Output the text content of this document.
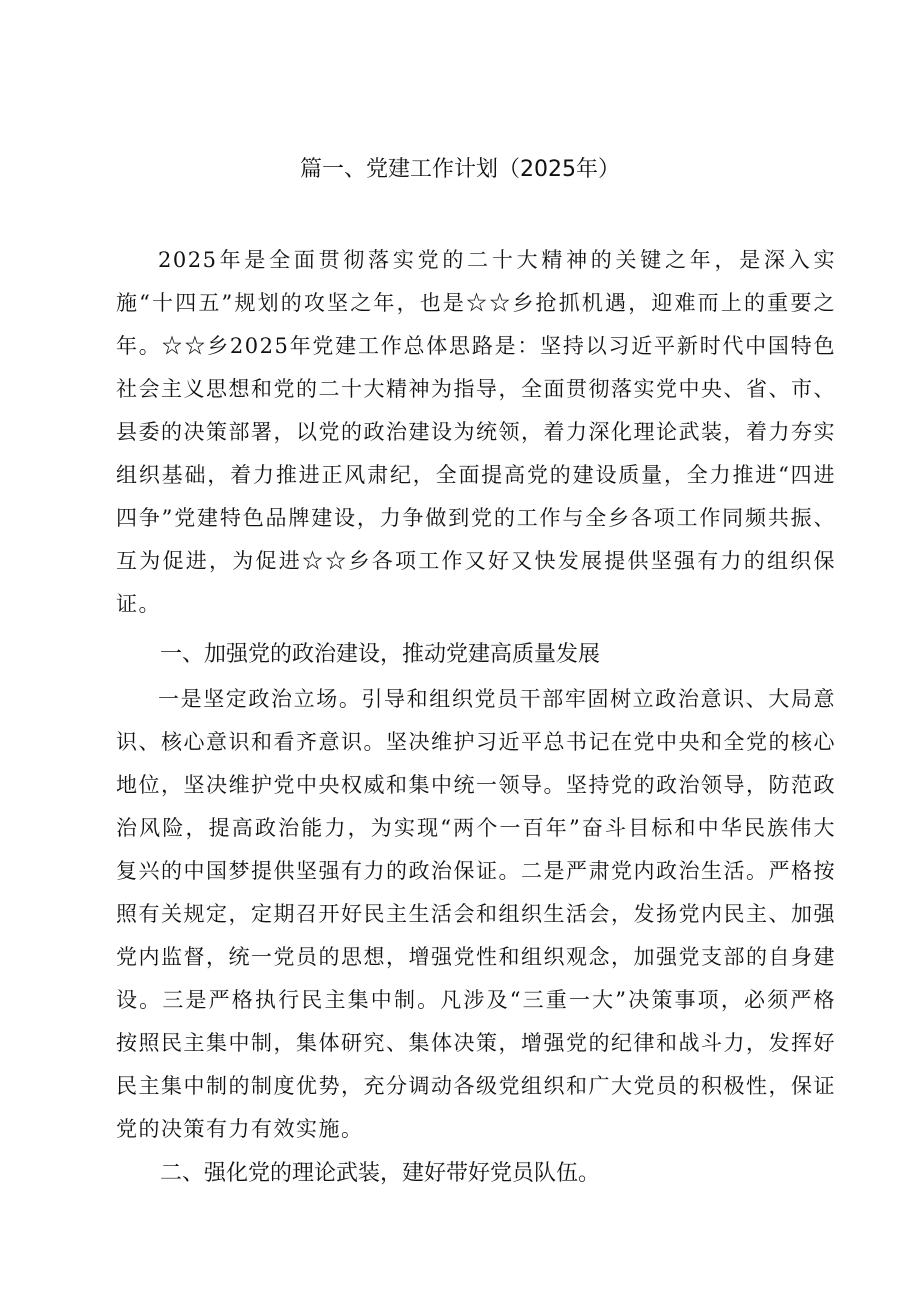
篇一、党建工作计划（2025年）
2025年是全面贯彻落实党的二十大精神的关键之年，是深入实施“十四五”规划的攻坚之年，也是☆☆乡抢抓机遇，迎难而上的重要之年。☆☆乡2025年党建工作总体思路是：坚持以习近平新时代中国特色社会主义思想和党的二十大精神为指导，全面贯彻落实党中央、省、市、县委的决策部署，以党的政治建设为统领，着力深化理论武装，着力夯实组织基础，着力推进正风肃纪，全面提高党的建设质量，全力推进“四进四争”党建特色品牌建设，力争做到党的工作与全乡各项工作同频共振、互为促进，为促进☆☆乡各项工作又好又快发展提供坚强有力的组织保证。
一、加强党的政治建设，推动党建高质量发展
一是坚定政治立场。引导和组织党员干部牢固树立政治意识、大局意识、核心意识和看齐意识。坚决维护习近平总书记在党中央和全党的核心地位，坚决维护党中央权威和集中统一领导。坚持党的政治领导，防范政治风险，提高政治能力，为实现“两个一百年”奋斗目标和中华民族伟大复兴的中国梦提供坚强有力的政治保证。二是严肃党内政治生活。严格按照有关规定，定期召开好民主生活会和组织生活会，发扬党内民主、加强党内监督，统一党员的思想，增强党性和组织观念，加强党支部的自身建设。三是严格执行民主集中制。凡涉及“三重一大”决策事项，必须严格按照民主集中制，集体研究、集体决策，增强党的纪律和战斗力，发挥好民主集中制的制度优势，充分调动各级党组织和广大党员的积极性，保证党的决策有力有效实施。
二、强化党的理论武装，建好带好党员队伍。
